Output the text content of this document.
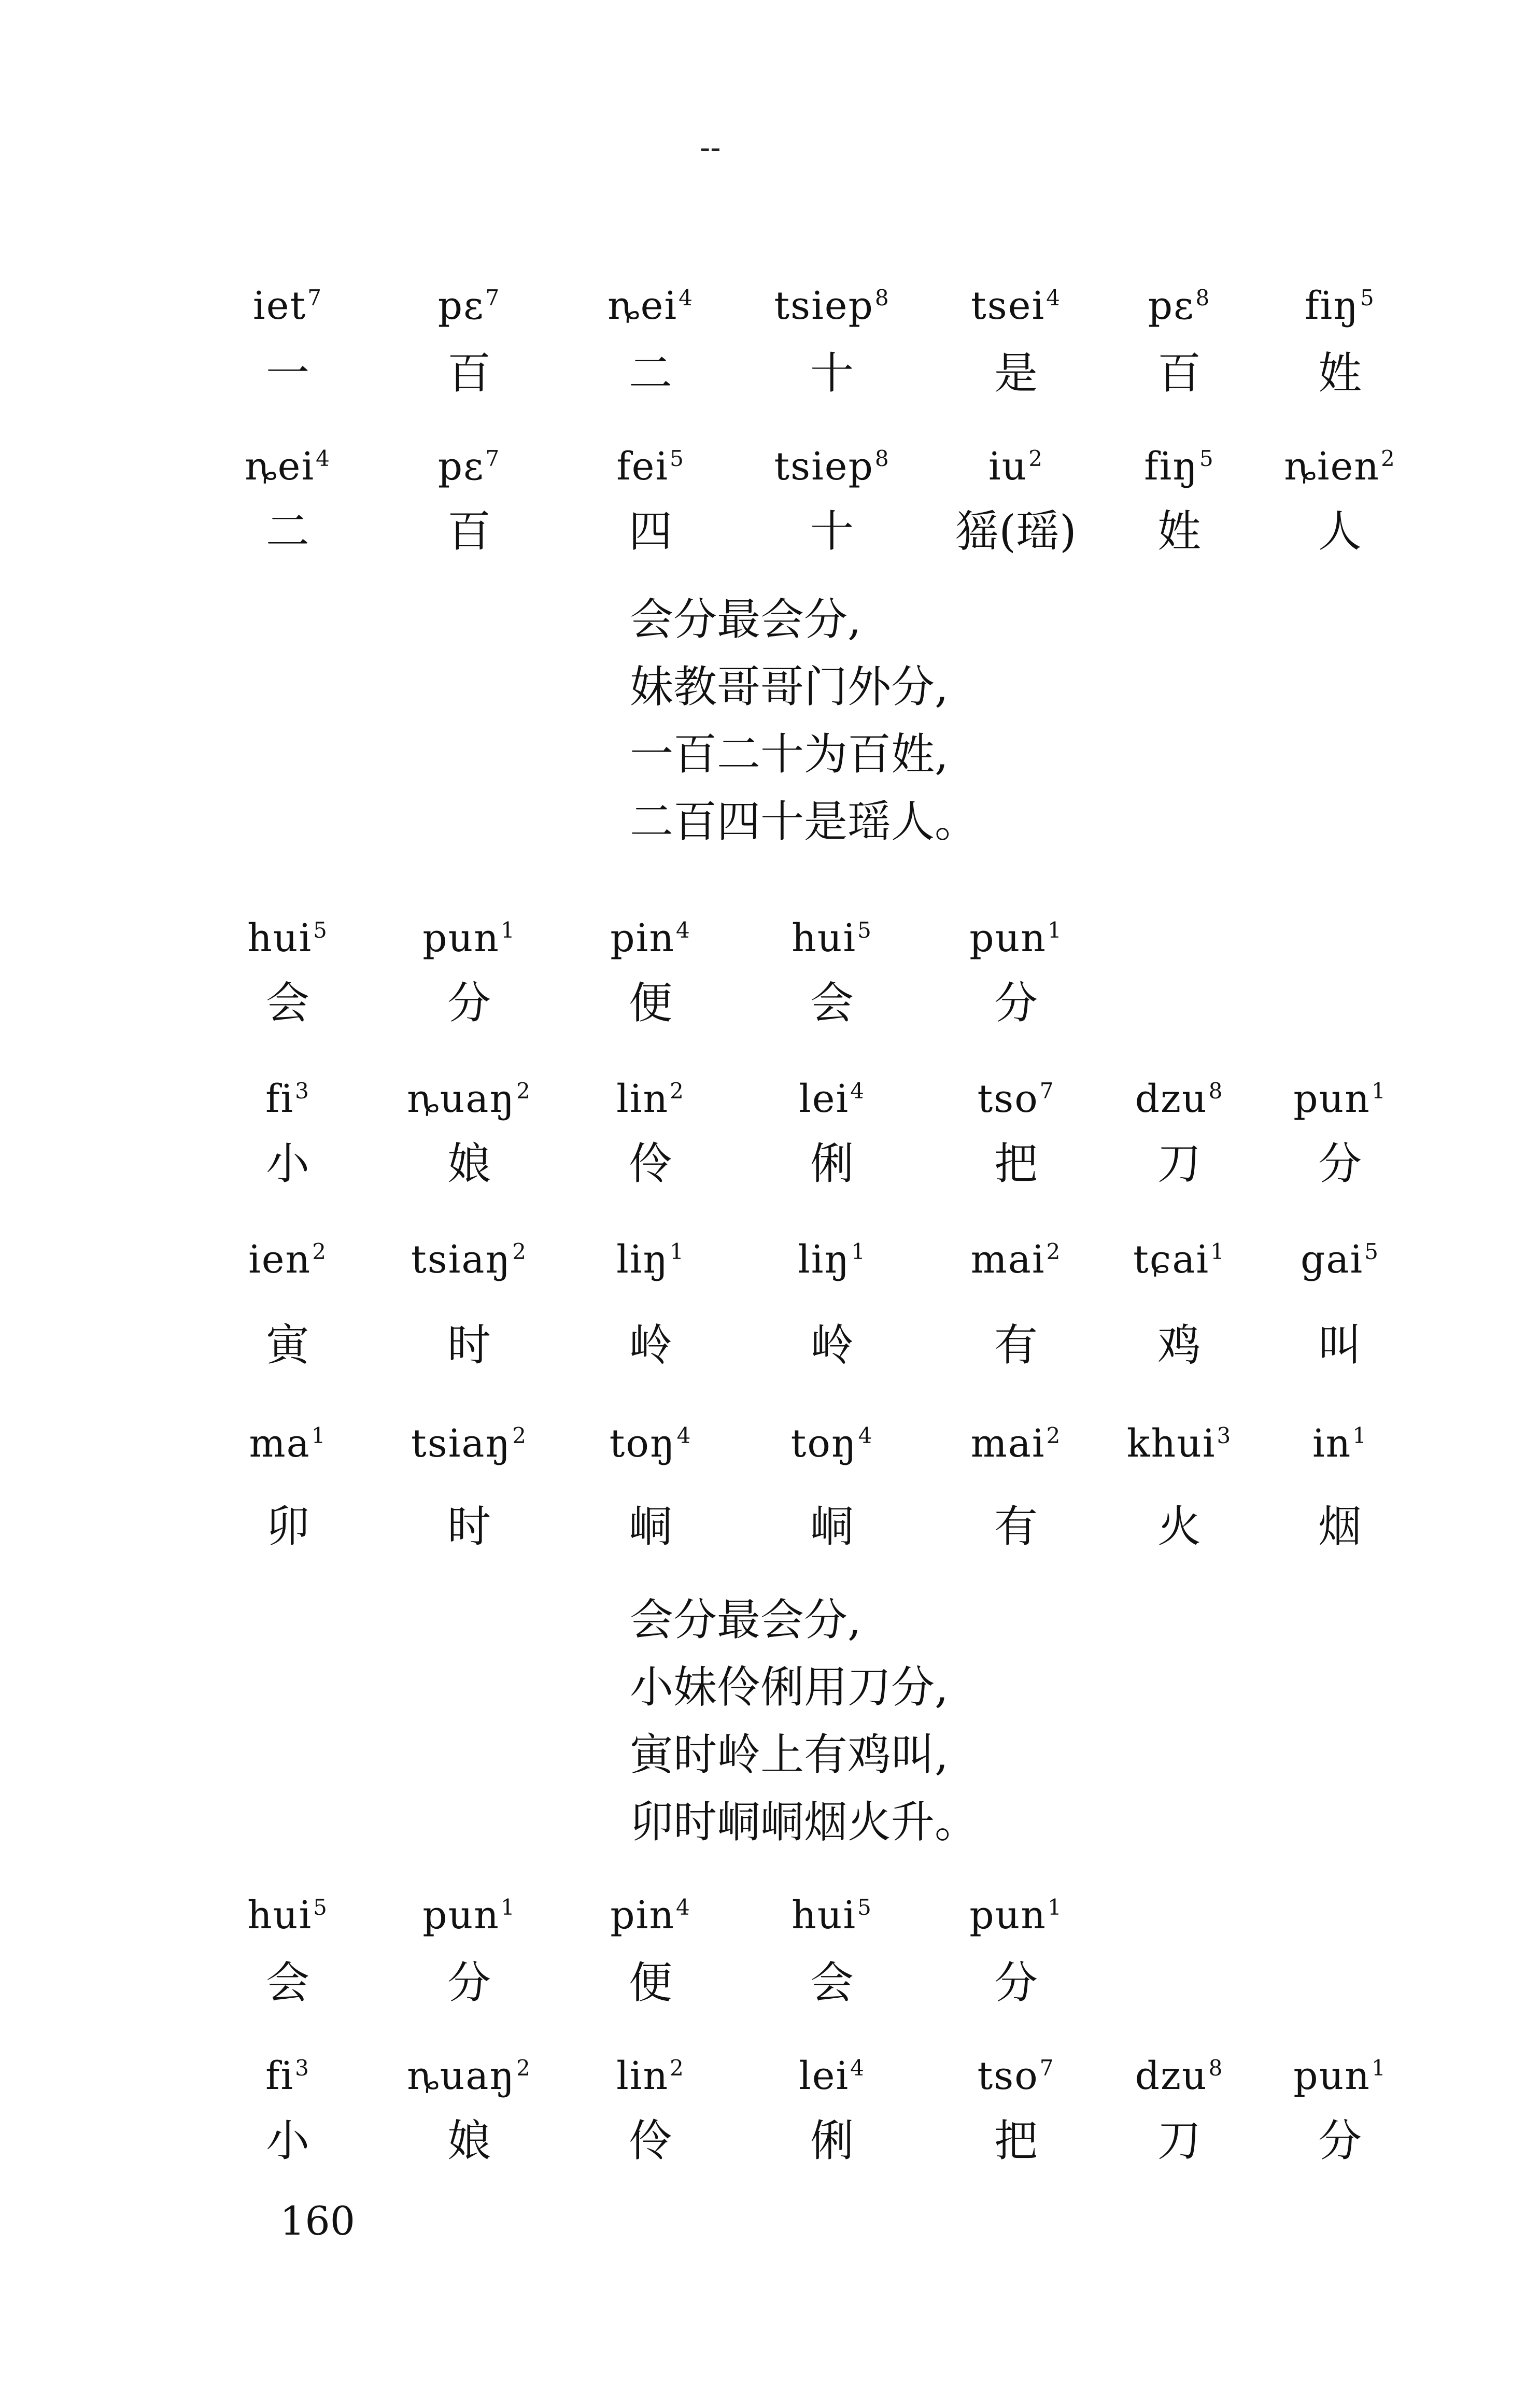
--
iet$^7$	pɛ$^7$	ȵei$^4$	tsiep$^8$	tsei$^4$	pɛ$^8$	fiŋ$^5$
一	百	二	十	是	百	姓
ȵei$^4$	pɛ$^7$	fei$^5$	tsiep$^8$	$iu^2$	fiŋ$^5$	ȵien$^2$
二	百	四	十	猺(瑶)	姓	人
会分最会分,
妹教哥哥门外分,
一百二十为百姓,
二百四十是瑶人。
hui$^5$	pun$^1$	pin$^4$	hui$^5$	pun$^1$
会	分	便	会	分
$fi^3$	ȵuaŋ$^2$	lin$^2$	lei$^4$	tso$^7$	dzu$^8$	pun$^1$
小	娘	伶	俐	把	刀	分
ien$^2$	tsiaŋ$^2$	liŋ$^1$	liŋ$^1$	mai$^2$	tɕai$^1$	gai$^5$
寅	时	岭	岭	有	鸡	叫
$ma^1$	tsiaŋ$^2$	toŋ$^4$	toŋ$^4$	mai$^2$	khui$^3$	$in^1$
卯	时	峒	峒	有	火	烟
会分最会分,
小妹伶俐用刀分,
寅时岭上有鸡叫,
卯时峒峒烟火升。
hui$^5$	pun$^1$	pin$^4$	hui$^5$	pun$^1$
会	分	便	会	分
$fi^3$	ȵuaŋ$^2$	lin$^2$	lei$^4$	tso$^7$	dzu$^8$	pun$^1$
小	娘	伶	俐	把	刀	分
160
